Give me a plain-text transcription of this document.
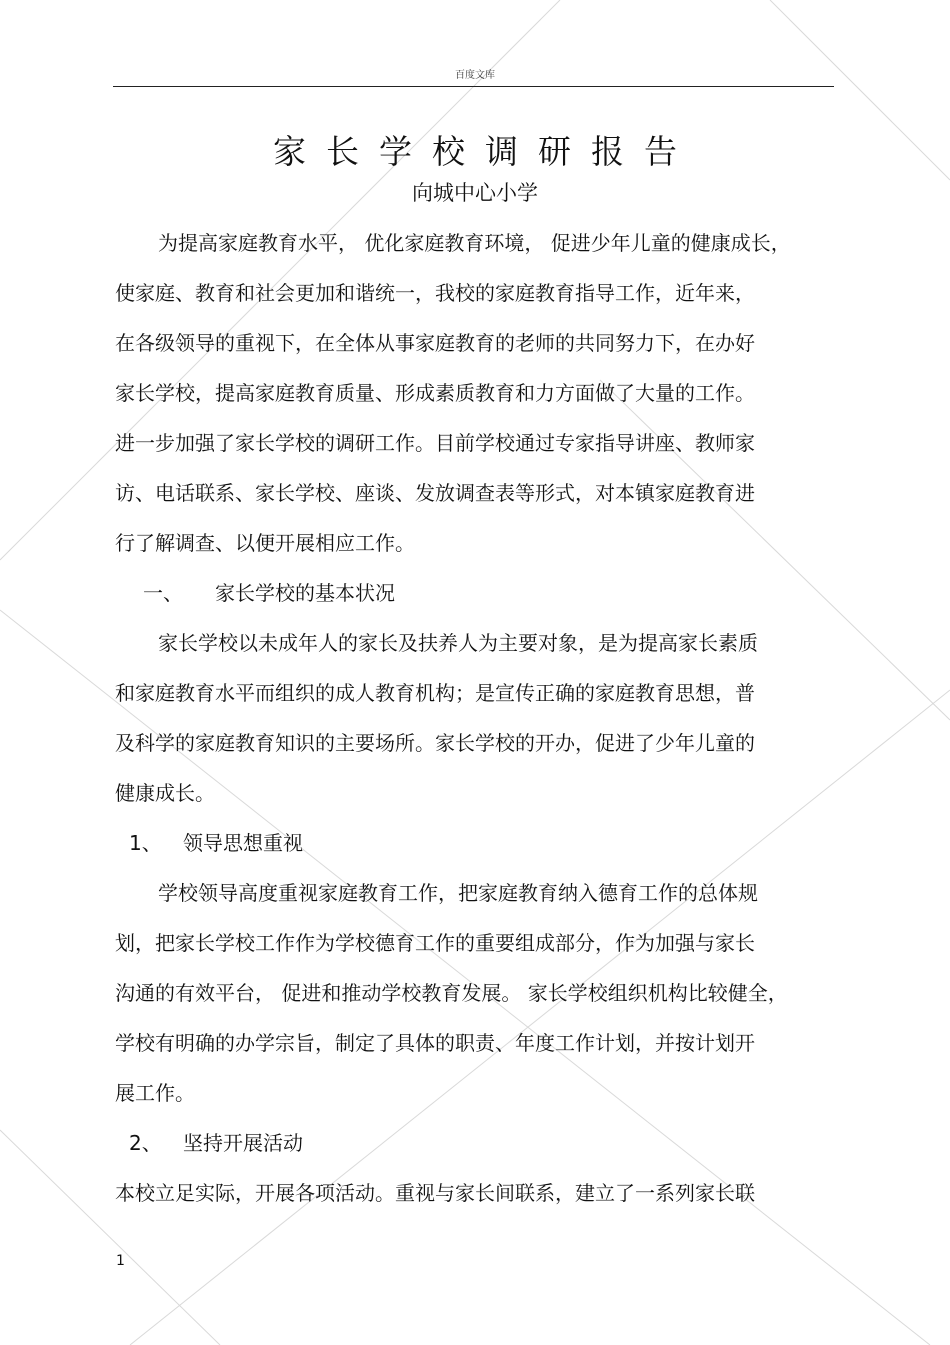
百度文库
家长学校调研报告
向城中心小学
为提高家庭教育水平， 优化家庭教育环境， 促进少年儿童的健康成长，
使家庭、教育和社会更加和谐统一，我校的家庭教育指导工作，近年来，
在各级领导的重视下，在全体从事家庭教育的老师的共同努力下，在办好
家长学校，提高家庭教育质量、形成素质教育和力方面做了大量的工作。
进一步加强了家长学校的调研工作。目前学校通过专家指导讲座、教师家
访、电话联系、家长学校、座谈、发放调查表等形式，对本镇家庭教育进
行了解调查、以便开展相应工作。
一、 家长学校的基本状况
家长学校以未成年人的家长及扶养人为主要对象，是为提高家长素质
和家庭教育水平而组织的成人教育机构；是宣传正确的家庭教育思想，普
及科学的家庭教育知识的主要场所。家长学校的开办，促进了少年儿童的
健康成长。
1、 领导思想重视
学校领导高度重视家庭教育工作，把家庭教育纳入德育工作的总体规
划，把家长学校工作作为学校德育工作的重要组成部分，作为加强与家长
沟通的有效平台， 促进和推动学校教育发展。 家长学校组织机构比较健全，
学校有明确的办学宗旨，制定了具体的职责、年度工作计划，并按计划开
展工作。
2、 坚持开展活动
本校立足实际，开展各项活动。重视与家长间联系，建立了一系列家长联
1
